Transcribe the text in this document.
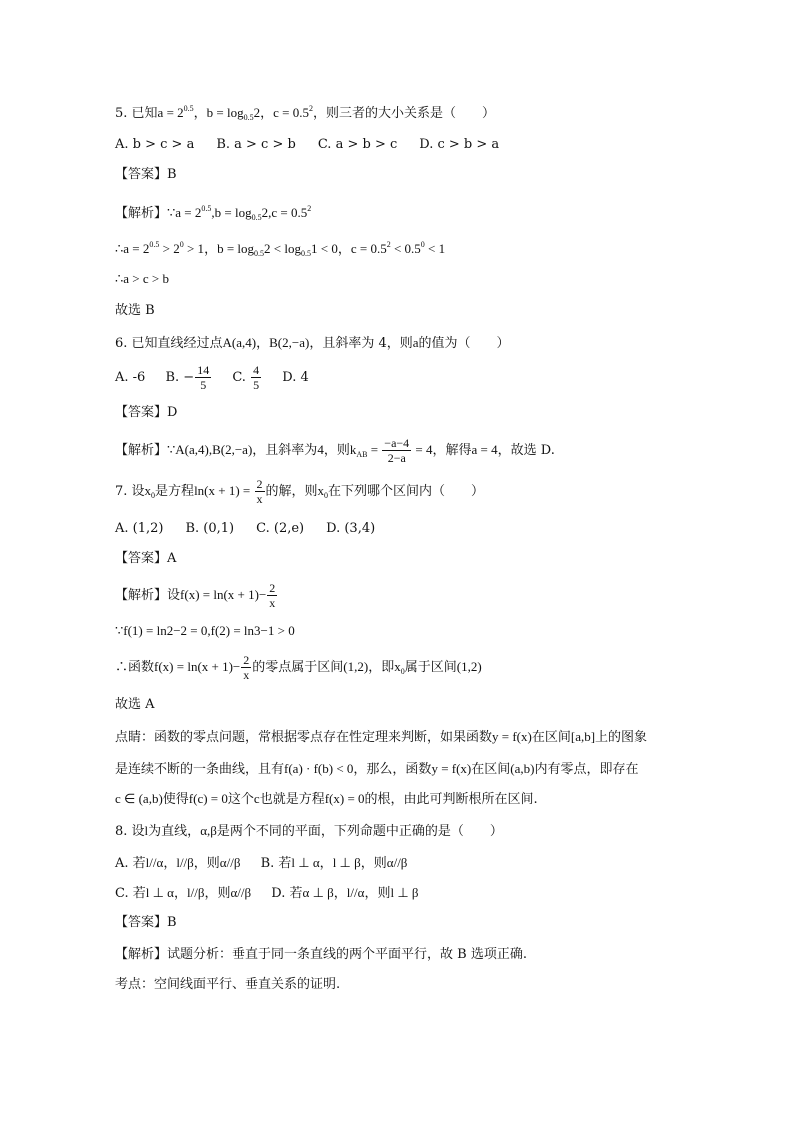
5. 已知$a = 2^{0.5}$，$b = \log_{0.5}2$，$c = 0.5^2$，则三者的大小关系是（　　）
A. b > c > a B. a > c > b C. a > b > c D. c > b > a
【答案】B
【解析】∵a = $2^{0.5},b = \log_{0.5}2,c = 0.5^2$
∴a = $2^{0.5} > 2^0 > 1$，$b = \log_{0.5}2 < \log_{0.5}1 < 0$，$c = 0.5^2 < 0.5^0 < 1$
∴a > c > b
故选 B
6. 已知直线经过点A(a,4)，B(2,−a)，且斜率为 4，则a的值为（　　）
A. -6 B. − $\frac{14}{5} C$. $\frac{4}{5} D$. 4
【答案】D
【解析】∵A(a,4),B(2,−a)，且斜率为4，则$k_{AB} = \frac{-a-4}{2-a} = 4$，解得a = 4，故选 D.
7. 设$x_0$是方程$\ln(x + 1) = \frac{2}{x}$ 的解，则$x_0$在下列哪个区间内（　　）
A. (1,2) B. (0,1) C. (2,e) D. (3,4)
【答案】A
【解析】设$f(x) = \ln(x + 1)- \frac{2}{x}$
∵f(1) = ln2−2 = 0,f(2) = ln3−1 > 0
∴函数$f(x) = \ln(x + 1)- \frac{2}{x}$ 的零点属于区间(1,2)，即$x_0$属于区间(1,2)
故选 A
点睛：函数的零点问题，常根据零点存在性定理来判断，如果函数y = f(x)在区间[a,b]上的图象
是连续不断的一条曲线，且有f(a) · f(b) < 0，那么，函数y = f(x)在区间(a,b)内有零点，即存在
c ∈ (a,b)使得f(c) = 0这个c也就是方程f(x) = 0的根，由此可判断根所在区间.
8. 设l为直线，α,β是两个不同的平面，下列命题中正确的是（　　）
A. 若l//α，l//β，则α//β B. 若l ⊥ α，l ⊥ β，则α//β
C. 若l ⊥ α，l//β，则α//β D. 若α ⊥ β，l//α，则l ⊥ β
【答案】B
【解析】试题分析：垂直于同一条直线的两个平面平行，故 B 选项正确.
考点：空间线面平行、垂直关系的证明.
